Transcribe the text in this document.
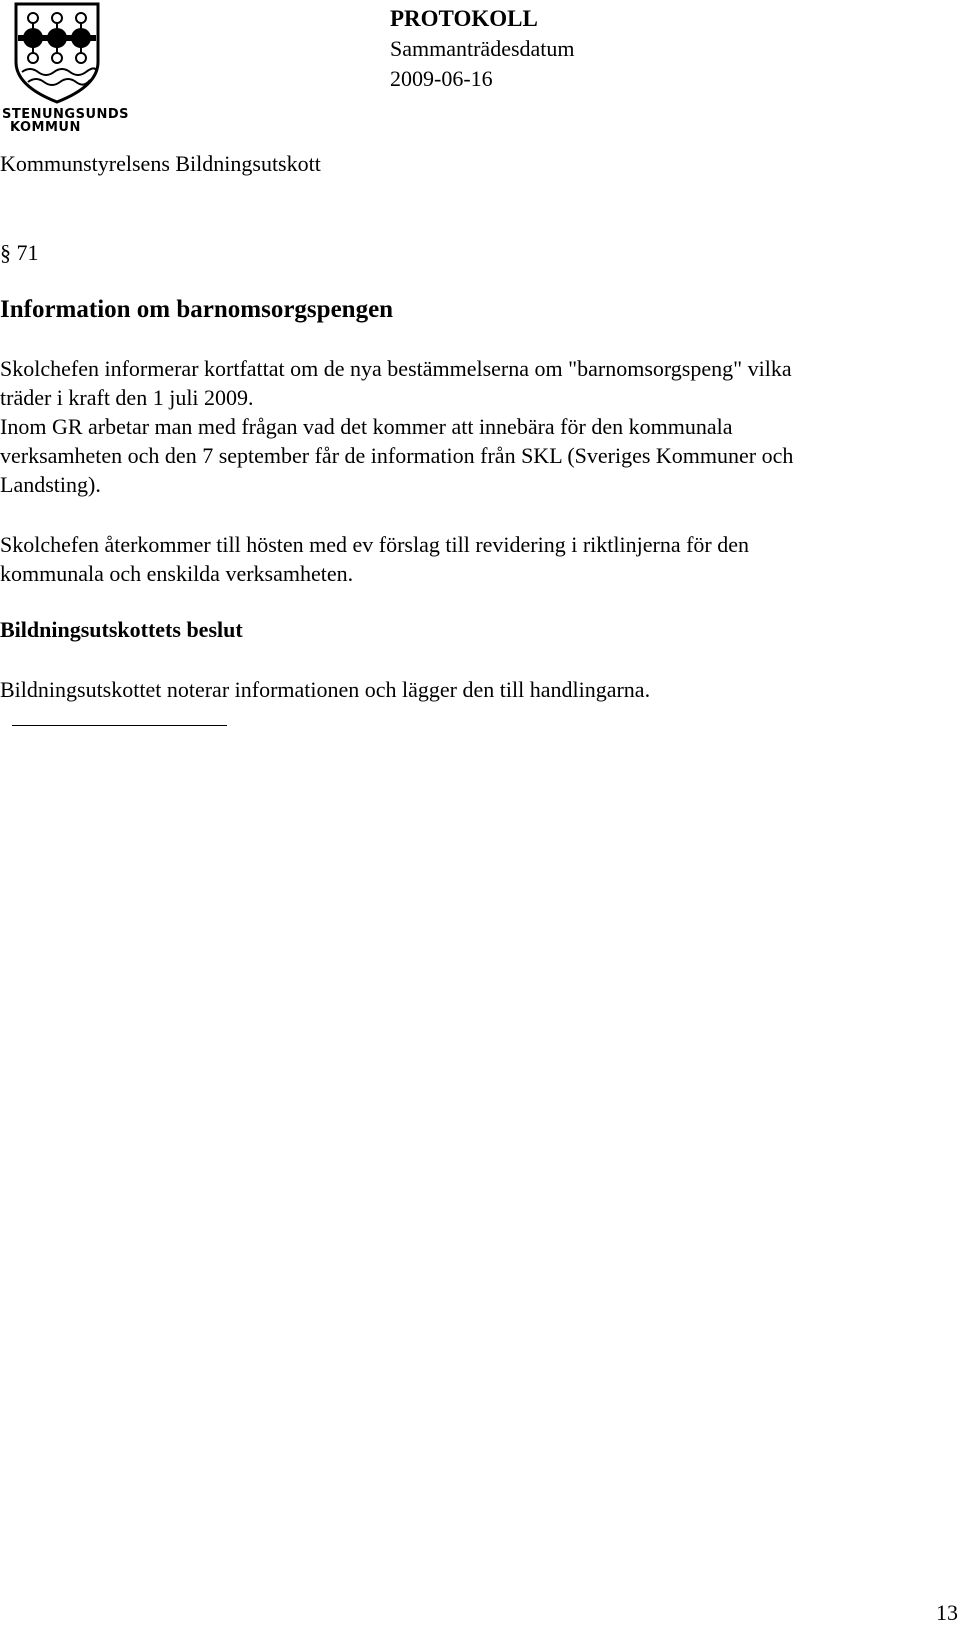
STENUNGSUNDS
KOMMUN
PROTOKOLL
Sammanträdesdatum
2009-06-16
Kommunstyrelsens Bildningsutskott
§ 71
Information om barnomsorgspengen

Skolchefen informerar kortfattat om de nya bestämmelserna om "barnomsorgspeng" vilka
träder i kraft den 1 juli 2009.
Inom GR arbetar man med frågan vad det kommer att innebära för den kommunala
verksamheten och den 7 september får de information från SKL (Sveriges Kommuner och
Landsting).

Skolchefen återkommer till hösten med ev förslag till revidering i riktlinjerna för den
kommunala och enskilda verksamheten.

Bildningsutskottets beslut
Bildningsutskottet noterar informationen och lägger den till handlingarna.
13
